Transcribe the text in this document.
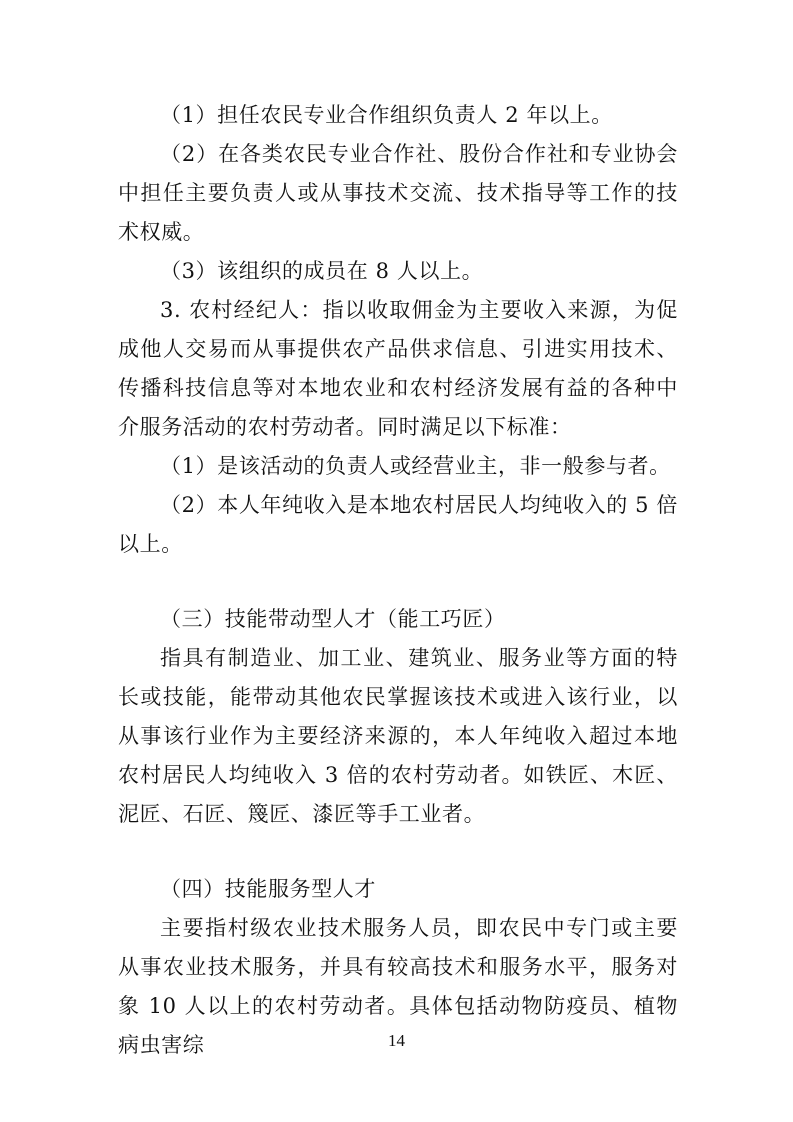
（1）担任农民专业合作组织负责人 2 年以上。

（2）在各类农民专业合作社、股份合作社和专业协会中担任主要负责人或从事技术交流、技术指导等工作的技术权威。

（3）该组织的成员在 8 人以上。

3. 农村经纪人：指以收取佣金为主要收入来源，为促成他人交易而从事提供农产品供求信息、引进实用技术、传播科技信息等对本地农业和农村经济发展有益的各种中介服务活动的农村劳动者。同时满足以下标准：

（1）是该活动的负责人或经营业主，非一般参与者。

（2）本人年纯收入是本地农村居民人均纯收入的 5 倍以上。

（三）技能带动型人才（能工巧匠）

指具有制造业、加工业、建筑业、服务业等方面的特长或技能，能带动其他农民掌握该技术或进入该行业，以从事该行业作为主要经济来源的，本人年纯收入超过本地农村居民人均纯收入 3 倍的农村劳动者。如铁匠、木匠、泥匠、石匠、篾匠、漆匠等手工业者。

（四）技能服务型人才

主要指村级农业技术服务人员，即农民中专门或主要从事农业技术服务，并具有较高技术和服务水平，服务对象 10 人以上的农村劳动者。具体包括动物防疫员、植物病虫害综	14
